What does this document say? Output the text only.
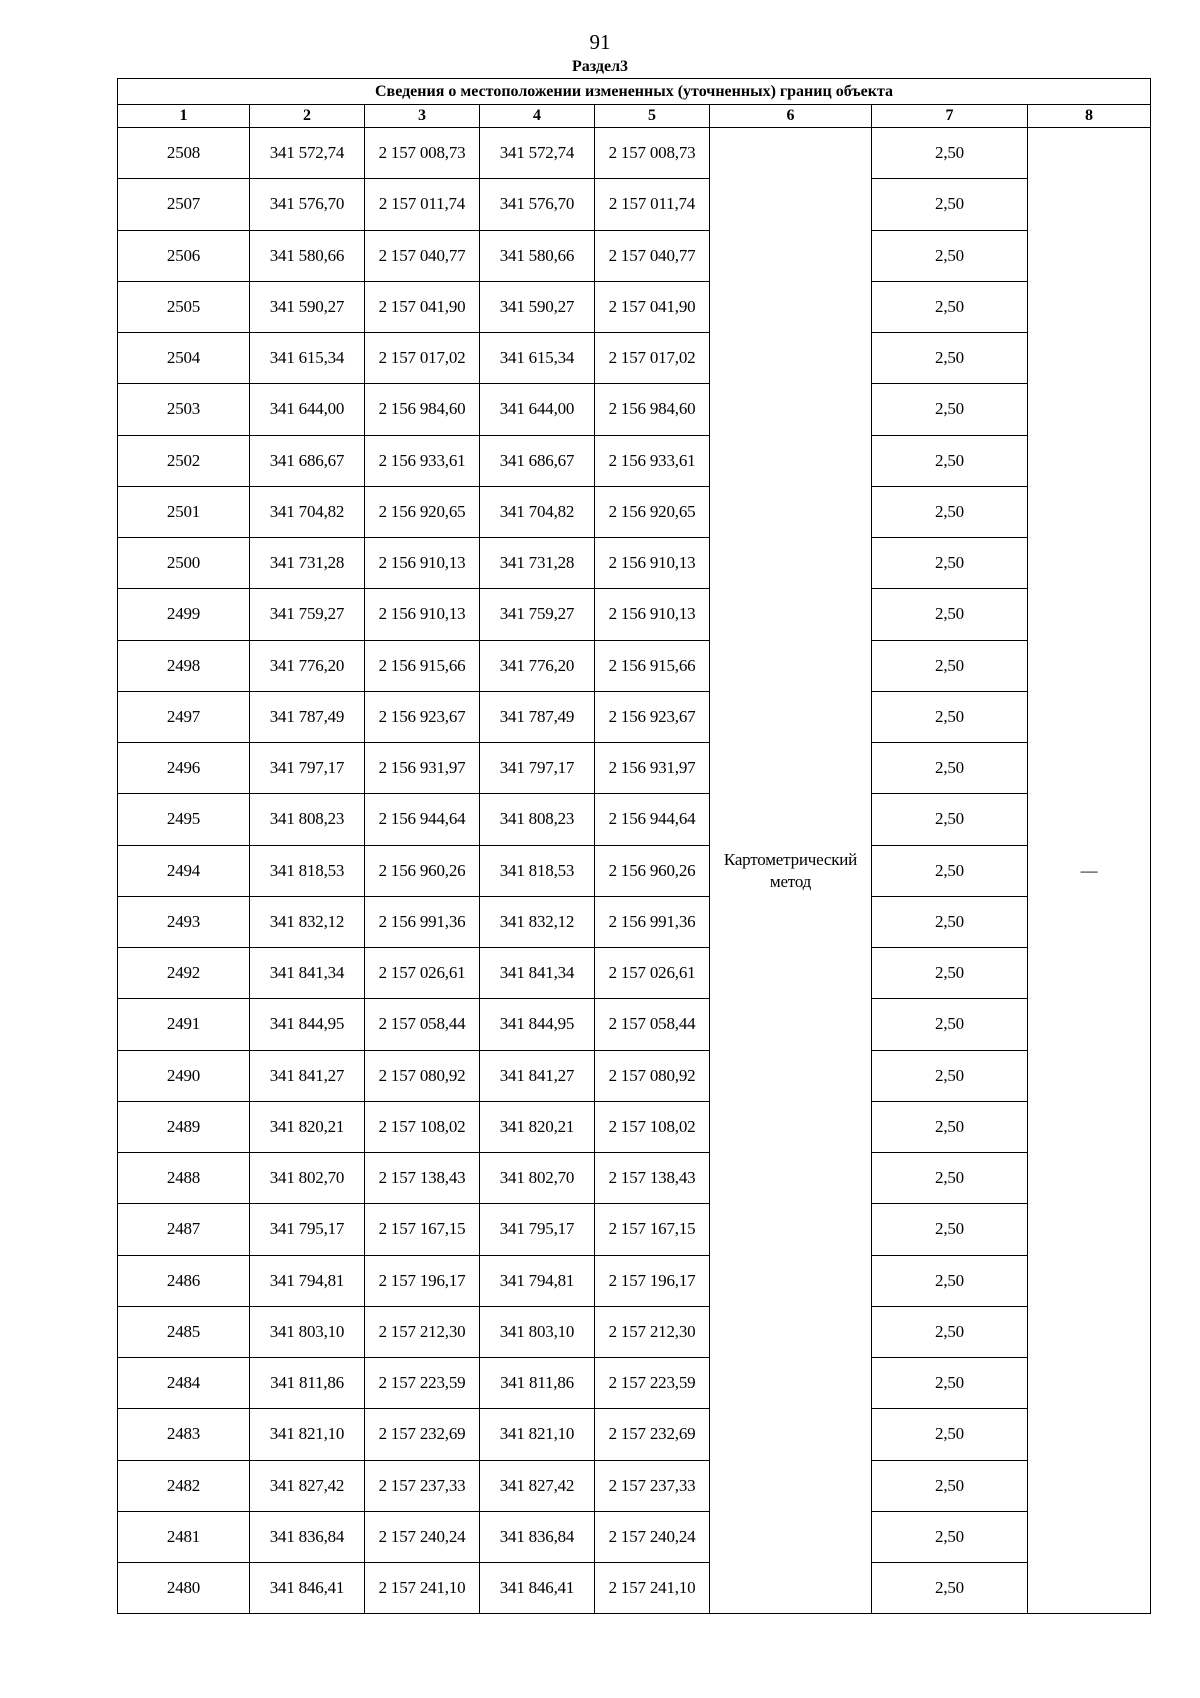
91
Раздел3
Сведения о местоположении измененных (уточненных) границ объекта							
1	2	3	4	5	6	7	8
2508	341 572,74	2 157 008,73	341 572,74	2 157 008,73	Картометрический метод	2,50	—
2507	341 576,70	2 157 011,74	341 576,70	2 157 011,74		2,50	
2506	341 580,66	2 157 040,77	341 580,66	2 157 040,77		2,50	
2505	341 590,27	2 157 041,90	341 590,27	2 157 041,90		2,50	
2504	341 615,34	2 157 017,02	341 615,34	2 157 017,02		2,50	
2503	341 644,00	2 156 984,60	341 644,00	2 156 984,60		2,50	
2502	341 686,67	2 156 933,61	341 686,67	2 156 933,61		2,50	
2501	341 704,82	2 156 920,65	341 704,82	2 156 920,65		2,50	
2500	341 731,28	2 156 910,13	341 731,28	2 156 910,13		2,50	
2499	341 759,27	2 156 910,13	341 759,27	2 156 910,13		2,50	
2498	341 776,20	2 156 915,66	341 776,20	2 156 915,66		2,50	
2497	341 787,49	2 156 923,67	341 787,49	2 156 923,67		2,50	
2496	341 797,17	2 156 931,97	341 797,17	2 156 931,97		2,50	
2495	341 808,23	2 156 944,64	341 808,23	2 156 944,64		2,50	
2494	341 818,53	2 156 960,26	341 818,53	2 156 960,26		2,50	
2493	341 832,12	2 156 991,36	341 832,12	2 156 991,36		2,50	
2492	341 841,34	2 157 026,61	341 841,34	2 157 026,61		2,50	
2491	341 844,95	2 157 058,44	341 844,95	2 157 058,44		2,50	
2490	341 841,27	2 157 080,92	341 841,27	2 157 080,92		2,50	
2489	341 820,21	2 157 108,02	341 820,21	2 157 108,02		2,50	
2488	341 802,70	2 157 138,43	341 802,70	2 157 138,43		2,50	
2487	341 795,17	2 157 167,15	341 795,17	2 157 167,15		2,50	
2486	341 794,81	2 157 196,17	341 794,81	2 157 196,17		2,50	
2485	341 803,10	2 157 212,30	341 803,10	2 157 212,30		2,50	
2484	341 811,86	2 157 223,59	341 811,86	2 157 223,59		2,50	
2483	341 821,10	2 157 232,69	341 821,10	2 157 232,69		2,50	
2482	341 827,42	2 157 237,33	341 827,42	2 157 237,33		2,50	
2481	341 836,84	2 157 240,24	341 836,84	2 157 240,24		2,50	
2480	341 846,41	2 157 241,10	341 846,41	2 157 241,10		2,50	
